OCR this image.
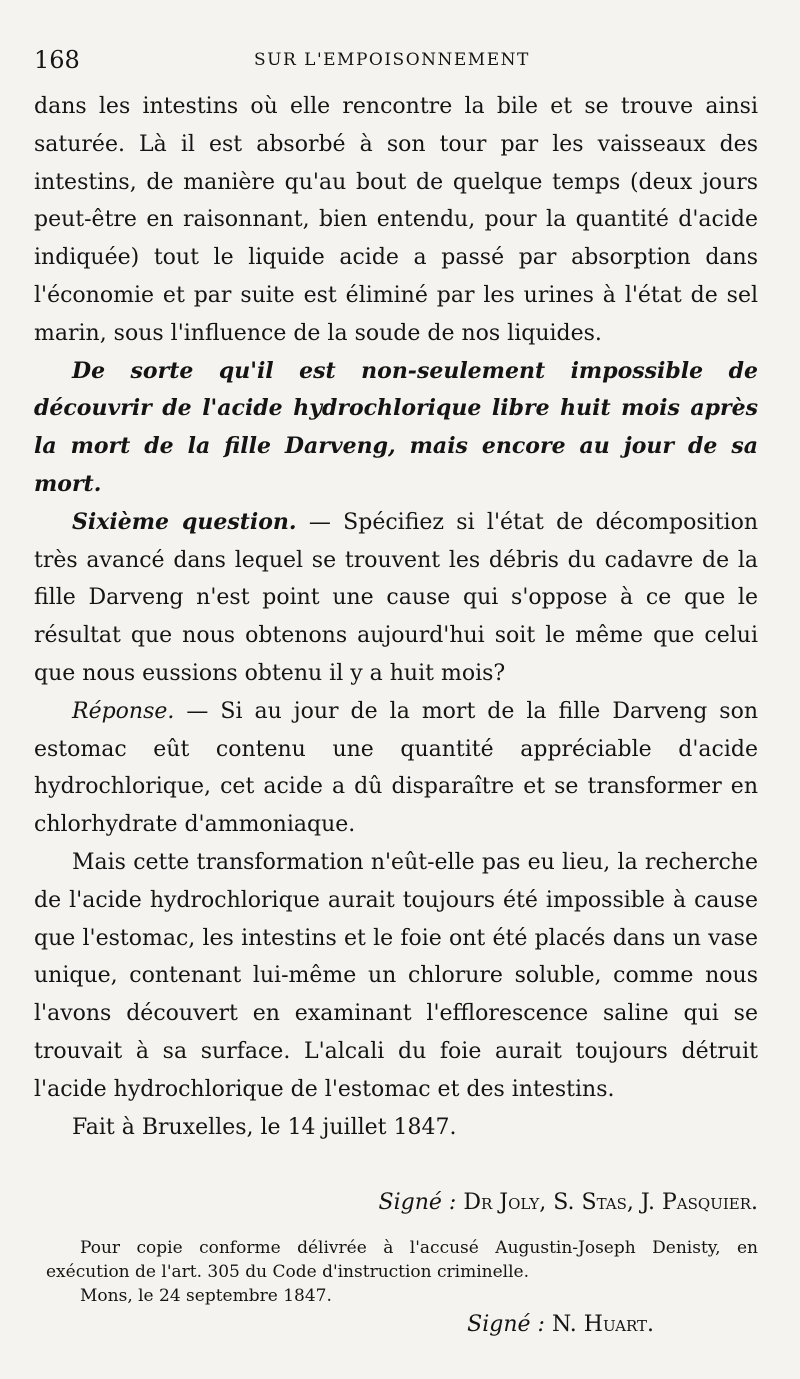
168	SUR L'EMPOISONNEMENT

dans les intestins où elle rencontre la bile et se trouve ainsi saturée. Là il est absorbé à son tour par les vaisseaux des intestins, de manière qu'au bout de quelque temps (deux jours peut-être en raisonnant, bien entendu, pour la quantité d'acide indiquée) tout le liquide acide a passé par absorption dans l'économie et par suite est éliminé par les urines à l'état de sel marin, sous l'influence de la soude de nos liquides.

De sorte qu'il est non-seulement impossible de découvrir de l'acide hydrochlorique libre huit mois après la mort de la fille Darveng, mais encore au jour de sa mort.

Sixième question. — Spécifiez si l'état de décomposition très avancé dans lequel se trouvent les débris du cadavre de la fille Darveng n'est point une cause qui s'oppose à ce que le résultat que nous obtenons aujourd'hui soit le même que celui que nous eussions obtenu il y a huit mois?

Réponse. — Si au jour de la mort de la fille Darveng son estomac eût contenu une quantité appréciable d'acide hydrochlorique, cet acide a dû disparaître et se transformer en chlorhydrate d'ammoniaque.

Mais cette transformation n'eût-elle pas eu lieu, la recherche de l'acide hydrochlorique aurait toujours été impossible à cause que l'estomac, les intestins et le foie ont été placés dans un vase unique, contenant lui-même un chlorure soluble, comme nous l'avons découvert en examinant l'efflorescence saline qui se trouvait à sa surface. L'alcali du foie aurait toujours détruit l'acide hydrochlorique de l'estomac et des intestins.

Fait à Bruxelles, le 14 juillet 1847.

Signé : Dr Joly, S. Stas, J. Pasquier.

Pour copie conforme délivrée à l'accusé Augustin-Joseph Denisty, en exécution de l'art. 305 du Code d'instruction criminelle.

Mons, le 24 septembre 1847.

Signé : N. Huart.
